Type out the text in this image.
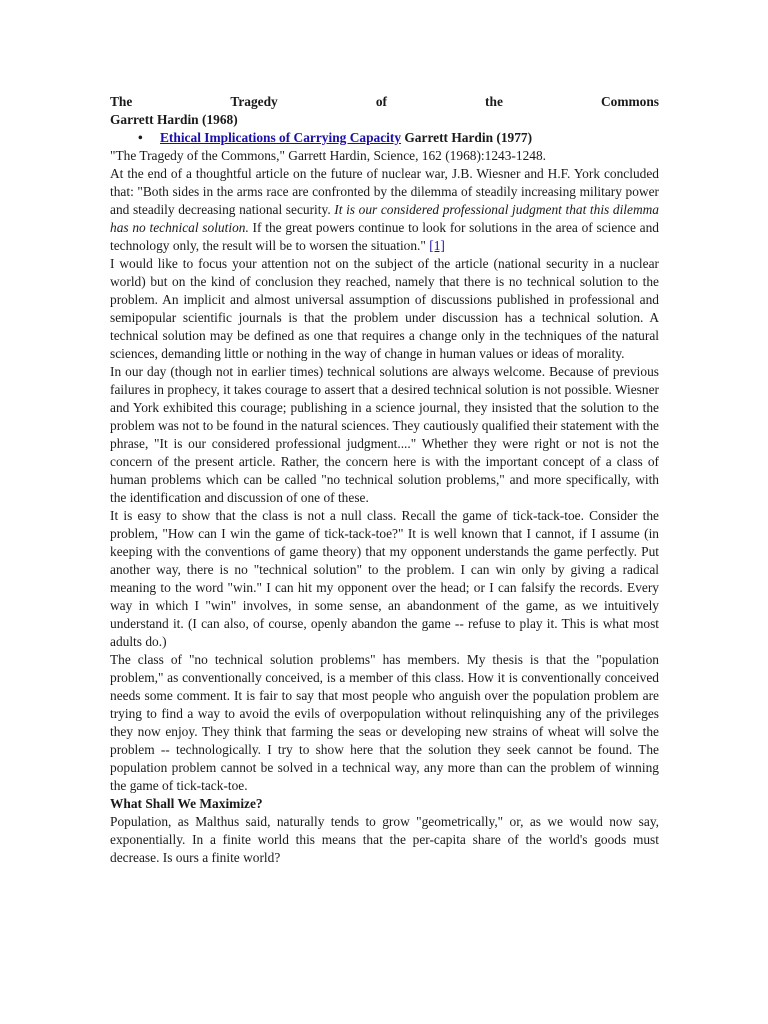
The	Tragedy	of	the	Commons
Garrett Hardin (1968)
• Ethical Implications of Carrying Capacity Garrett Hardin (1977)

"The Tragedy of the Commons," Garrett Hardin, Science, 162 (1968):1243-1248.

At the end of a thoughtful article on the future of nuclear war, J.B. Wiesner and H.F. York concluded that: "Both sides in the arms race are confronted by the dilemma of steadily increasing military power and steadily decreasing national security. It is our considered professional judgment that this dilemma has no technical solution. If the great powers continue to look for solutions in the area of science and technology only, the result will be to worsen the situation." [1]

I would like to focus your attention not on the subject of the article (national security in a nuclear world) but on the kind of conclusion they reached, namely that there is no technical solution to the problem. An implicit and almost universal assumption of discussions published in professional and semipopular scientific journals is that the problem under discussion has a technical solution. A technical solution may be defined as one that requires a change only in the techniques of the natural sciences, demanding little or nothing in the way of change in human values or ideas of morality.

In our day (though not in earlier times) technical solutions are always welcome. Because of previous failures in prophecy, it takes courage to assert that a desired technical solution is not possible. Wiesner and York exhibited this courage; publishing in a science journal, they insisted that the solution to the problem was not to be found in the natural sciences. They cautiously qualified their statement with the phrase, "It is our considered professional judgment...." Whether they were right or not is not the concern of the present article. Rather, the concern here is with the important concept of a class of human problems which can be called "no technical solution problems," and more specifically, with the identification and discussion of one of these.

It is easy to show that the class is not a null class. Recall the game of tick-tack-toe. Consider the problem, "How can I win the game of tick-tack-toe?" It is well known that I cannot, if I assume (in keeping with the conventions of game theory) that my opponent understands the game perfectly. Put another way, there is no "technical solution" to the problem. I can win only by giving a radical meaning to the word "win." I can hit my opponent over the head; or I can falsify the records. Every way in which I "win" involves, in some sense, an abandonment of the game, as we intuitively understand it. (I can also, of course, openly abandon the game -- refuse to play it. This is what most adults do.)

The class of "no technical solution problems" has members. My thesis is that the "population problem," as conventionally conceived, is a member of this class. How it is conventionally conceived needs some comment. It is fair to say that most people who anguish over the population problem are trying to find a way to avoid the evils of overpopulation without relinquishing any of the privileges they now enjoy. They think that farming the seas or developing new strains of wheat will solve the problem -- technologically. I try to show here that the solution they seek cannot be found. The population problem cannot be solved in a technical way, any more than can the problem of winning the game of tick-tack-toe.

What Shall We Maximize?

Population, as Malthus said, naturally tends to grow "geometrically," or, as we would now say, exponentially. In a finite world this means that the per-capita share of the world's goods must decrease. Is ours a finite world?
